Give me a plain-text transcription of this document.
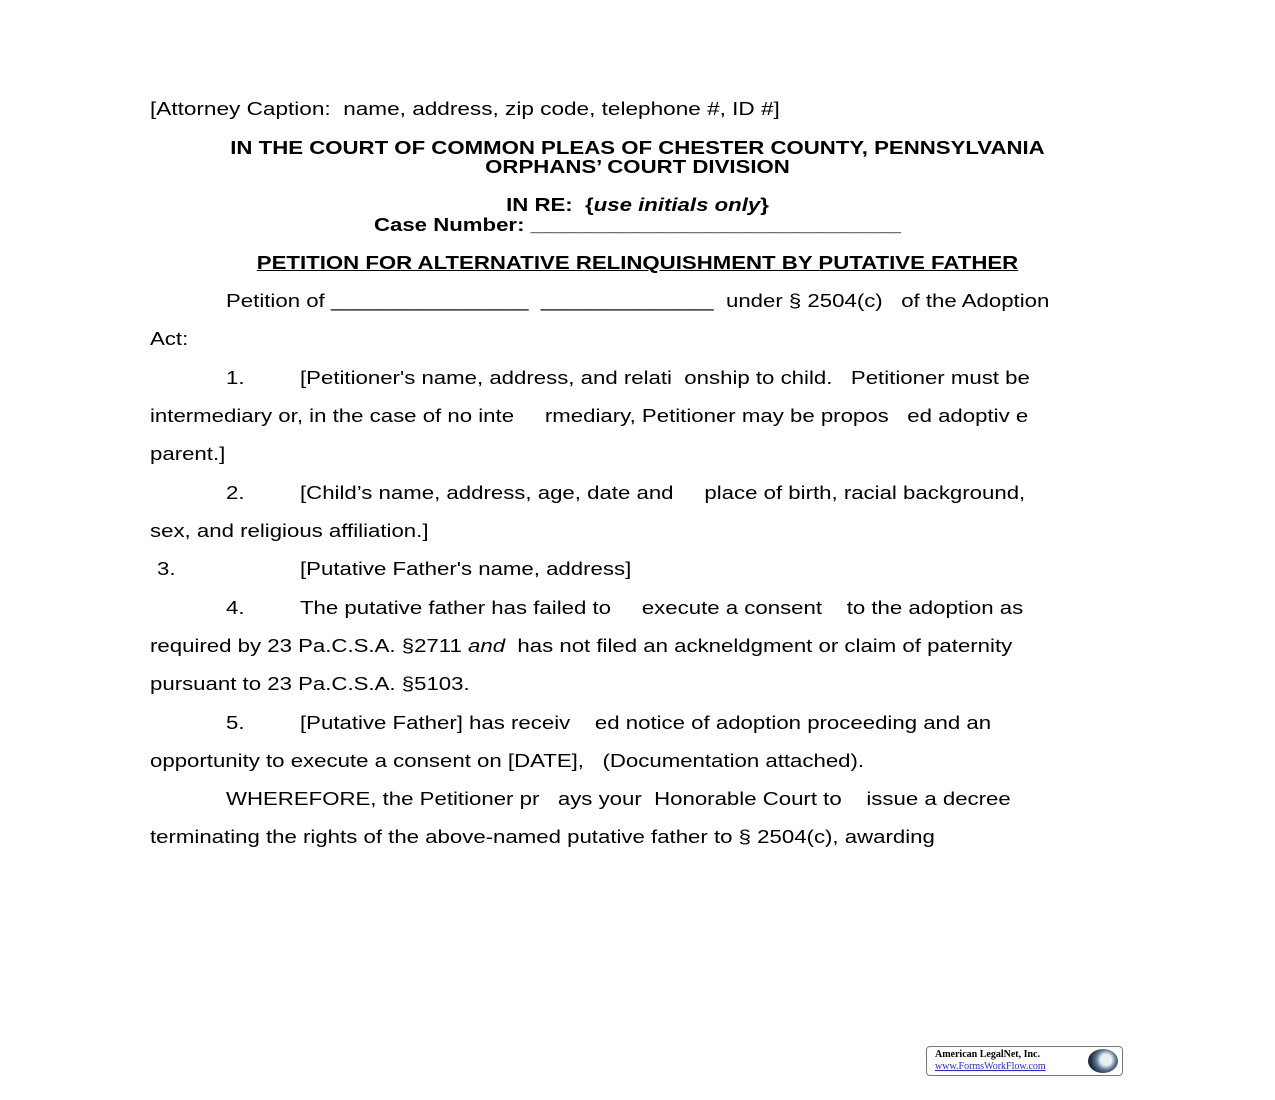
[Attorney Caption:  name, address, zip code, telephone #, ID #]
IN THE COURT OF COMMON PLEAS OF CHESTER COUNTY, PENNSYLVANIA
ORPHANS’ COURT DIVISION
IN RE:  {use initials only}
Case Number: ______________________________
PETITION FOR ALTERNATIVE RELINQUISHMENT BY PUTATIVE FATHER
Petition of ________________  ______________  under § 2504(c)   of the Adoption
Act:
1.	[Petitioner's name, address, and relati  onship to child.   Petitioner must be
intermediary or, in the case of no inte     rmediary, Petitioner may be propos   ed adoptiv e
parent.]
2.	[Child’s name, address, age, date and     place of birth, racial background,
sex, and religious affiliation.]
3.	[Putative Father's name, address]
4.	The putative father has failed to     execute a consent    to the adoption as
required by 23 Pa.C.S.A. §2711 and  has not filed an ackneldgment or claim of paternity
pursuant to 23 Pa.C.S.A. §5103.
5.	[Putative Father] has receiv    ed notice of adoption proceeding and an
opportunity to execute a consent on [DATE],   (Documentation attached).
WHEREFORE, the Petitioner pr   ays your  Honorable Court to    issue a decree
terminating the rights of the above-named putative father to § 2504(c), awarding
American LegalNet, Inc.
www.FormsWorkFlow.com
